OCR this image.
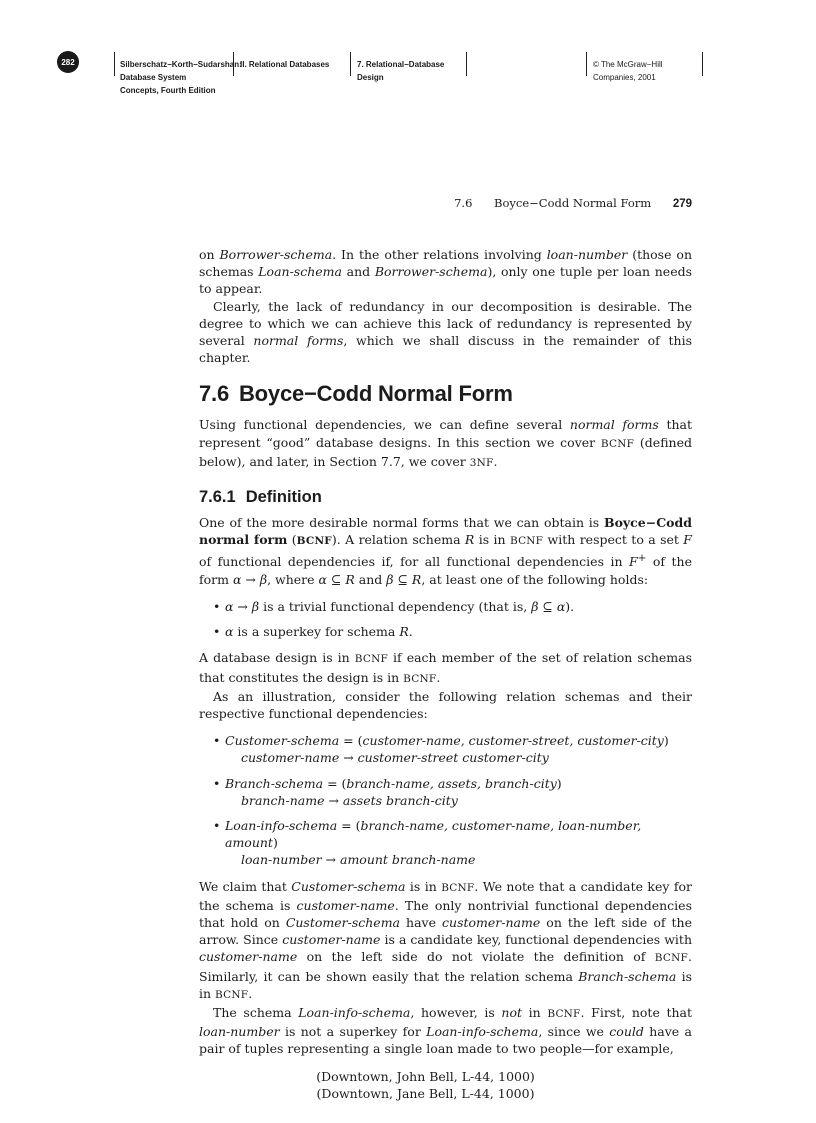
282	Silberschatz−Korth−Sudarshan:
Database System
Concepts, Fourth Edition
II. Relational Databases	7. Relational−Database
Design
© The McGraw−Hill
Companies, 2001
7.6 Boyce−Codd Normal Form 279

on Borrower-schema. In the other relations involving loan-number (those on schemas Loan-schema and Borrower-schema), only one tuple per loan needs to appear.

Clearly, the lack of redundancy in our decomposition is desirable. The degree to which we can achieve this lack of redundancy is represented by several normal forms, which we shall discuss in the remainder of this chapter.

7.6 Boyce−Codd Normal Form

Using functional dependencies, we can define several normal forms that represent “good” database designs. In this section we cover BCNF (defined below), and later, in Section 7.7, we cover 3NF.

7.6.1 Definition

One of the more desirable normal forms that we can obtain is Boyce−Codd normal form (BCNF). A relation schema R is in BCNF with respect to a set F of functional dependencies if, for all functional dependencies in F+ of the form α → β, where α ⊆ R and β ⊆ R, at least one of the following holds:

• α → β is a trivial functional dependency (that is, β ⊆ α).
• α is a superkey for schema R.

A database design is in BCNF if each member of the set of relation schemas that constitutes the design is in BCNF.

As an illustration, consider the following relation schemas and their respective functional dependencies:

• Customer-schema = (customer-name, customer-street, customer-city)
customer-name → customer-street customer-city
• Branch-schema = (branch-name, assets, branch-city)
branch-name → assets branch-city
• Loan-info-schema = (branch-name, customer-name, loan-number, amount)
loan-number → amount branch-name

We claim that Customer-schema is in BCNF. We note that a candidate key for the schema is customer-name. The only nontrivial functional dependencies that hold on Customer-schema have customer-name on the left side of the arrow. Since customer-name is a candidate key, functional dependencies with customer-name on the left side do not violate the definition of BCNF. Similarly, it can be shown easily that the relation schema Branch-schema is in BCNF.

The schema Loan-info-schema, however, is not in BCNF. First, note that loan-number is not a superkey for Loan-info-schema, since we could have a pair of tuples representing a single loan made to two people—for example,

(Downtown, John Bell, L-44, 1000)
(Downtown, Jane Bell, L-44, 1000)
